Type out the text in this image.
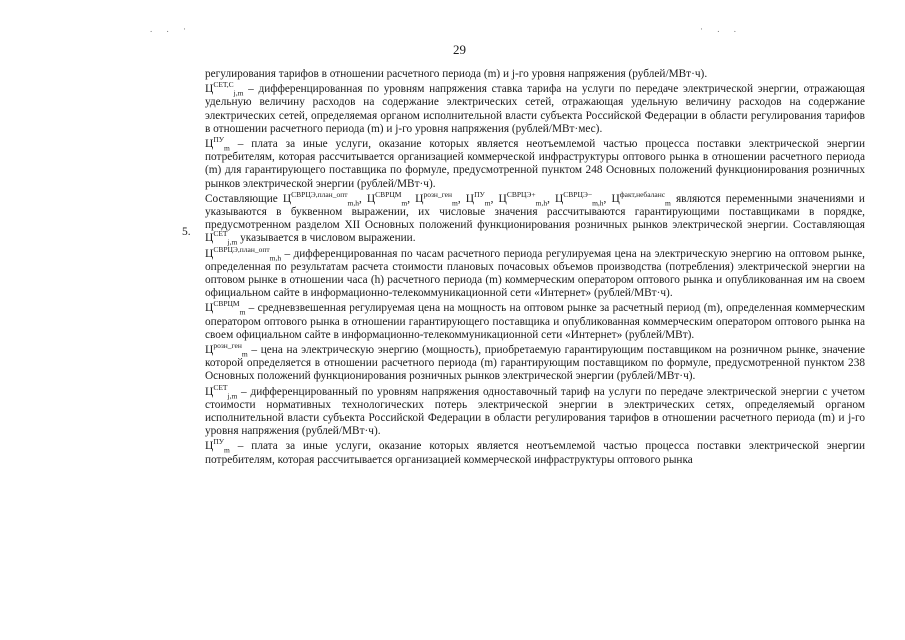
. . ·	· . .
29
5.

регулирования тарифов в отношении расчетного периода (m) и j-го уровня напряжения (рублей/МВт·ч).

$Ц^{СЕТ,С}_{j,m}$ – дифференцированная по уровням напряжения ставка тарифа на услуги по передаче электрической энергии, отражающая удельную величину расходов на содержание электрических сетей, отражающая удельную величину расходов на содержание электрических сетей, определяемая органом исполнительной власти субъекта Российской Федерации в области регулирования тарифов в отношении расчетного периода (m) и j-го уровня напряжения (рублей/МВт·мес).

$Ц^{ПУ}_m$ – плата за иные услуги, оказание которых является неотъемлемой частью процесса поставки электрической энергии потребителям, которая рассчитывается организацией коммерческой инфраструктуры оптового рынка в отношении расчетного периода (m) для гарантирующего поставщика по формуле, предусмотренной пунктом 248 Основных положений функционирования розничных рынков электрической энергии (рублей/МВт·ч).

Составляющие $Ц^{СВРЦЭ,план\_опт}_{m,h}$, $Ц^{СВРЦМ}_m$, $Ц^{розн\_ген}_m$, $Ц^{ПУ}_m$, $Ц^{СВРЦЭ+}_{m,h}$, $Ц^{СВРЦЭ-}_{m,h}$, $Ц^{факт,небаланс}_m$ являются переменными значениями и указываются в буквенном выражении, их числовые значения рассчитываются гарантирующими поставщиками в порядке, предусмотренном разделом XII Основных положений функционирования розничных рынков электрической энергии. Составляющая $Ц^{СЕТ}_{j,m}$ указывается в числовом выражении.

$Ц^{СВРЦЭ,план\_опт}_{m,h}$ – дифференцированная по часам расчетного периода регулируемая цена на электрическую энергию на оптовом рынке, определенная по результатам расчета стоимости плановых почасовых объемов производства (потребления) электрической энергии на оптовом рынке в отношении часа (h) расчетного периода (m) коммерческим оператором оптового рынка и опубликованная им на своем официальном сайте в информационно-телекоммуникационной сети «Интернет» (рублей/МВт·ч).

$Ц^{СВРЦМ}_m$ – средневзвешенная регулируемая цена на мощность на оптовом рынке за расчетный период (m), определенная коммерческим оператором оптового рынка в отношении гарантирующего поставщика и опубликованная коммерческим оператором оптового рынка на своем официальном сайте в информационно-телекоммуникационной сети «Интернет» (рублей/МВт).

$Ц^{розн\_ген}_m$ – цена на электрическую энергию (мощность), приобретаемую гарантирующим поставщиком на розничном рынке, значение которой определяется в отношении расчетного периода (m) гарантирующим поставщиком по формуле, предусмотренной пунктом 238 Основных положений функционирования розничных рынков электрической энергии (рублей/МВт·ч).

$Ц^{СЕТ}_{j,m}$ – дифференцированный по уровням напряжения одноставочный тариф на услуги по передаче электрической энергии с учетом стоимости нормативных технологических потерь электрической энергии в электрических сетях, определяемый органом исполнительной власти субъекта Российской Федерации в области регулирования тарифов в отношении расчетного периода (m) и j-го уровня напряжения (рублей/МВт·ч).

$Ц^{ПУ}_m$ – плата за иные услуги, оказание которых является неотъемлемой частью процесса поставки электрической энергии потребителям, которая рассчитывается организацией коммерческой инфраструктуры оптового рынка
